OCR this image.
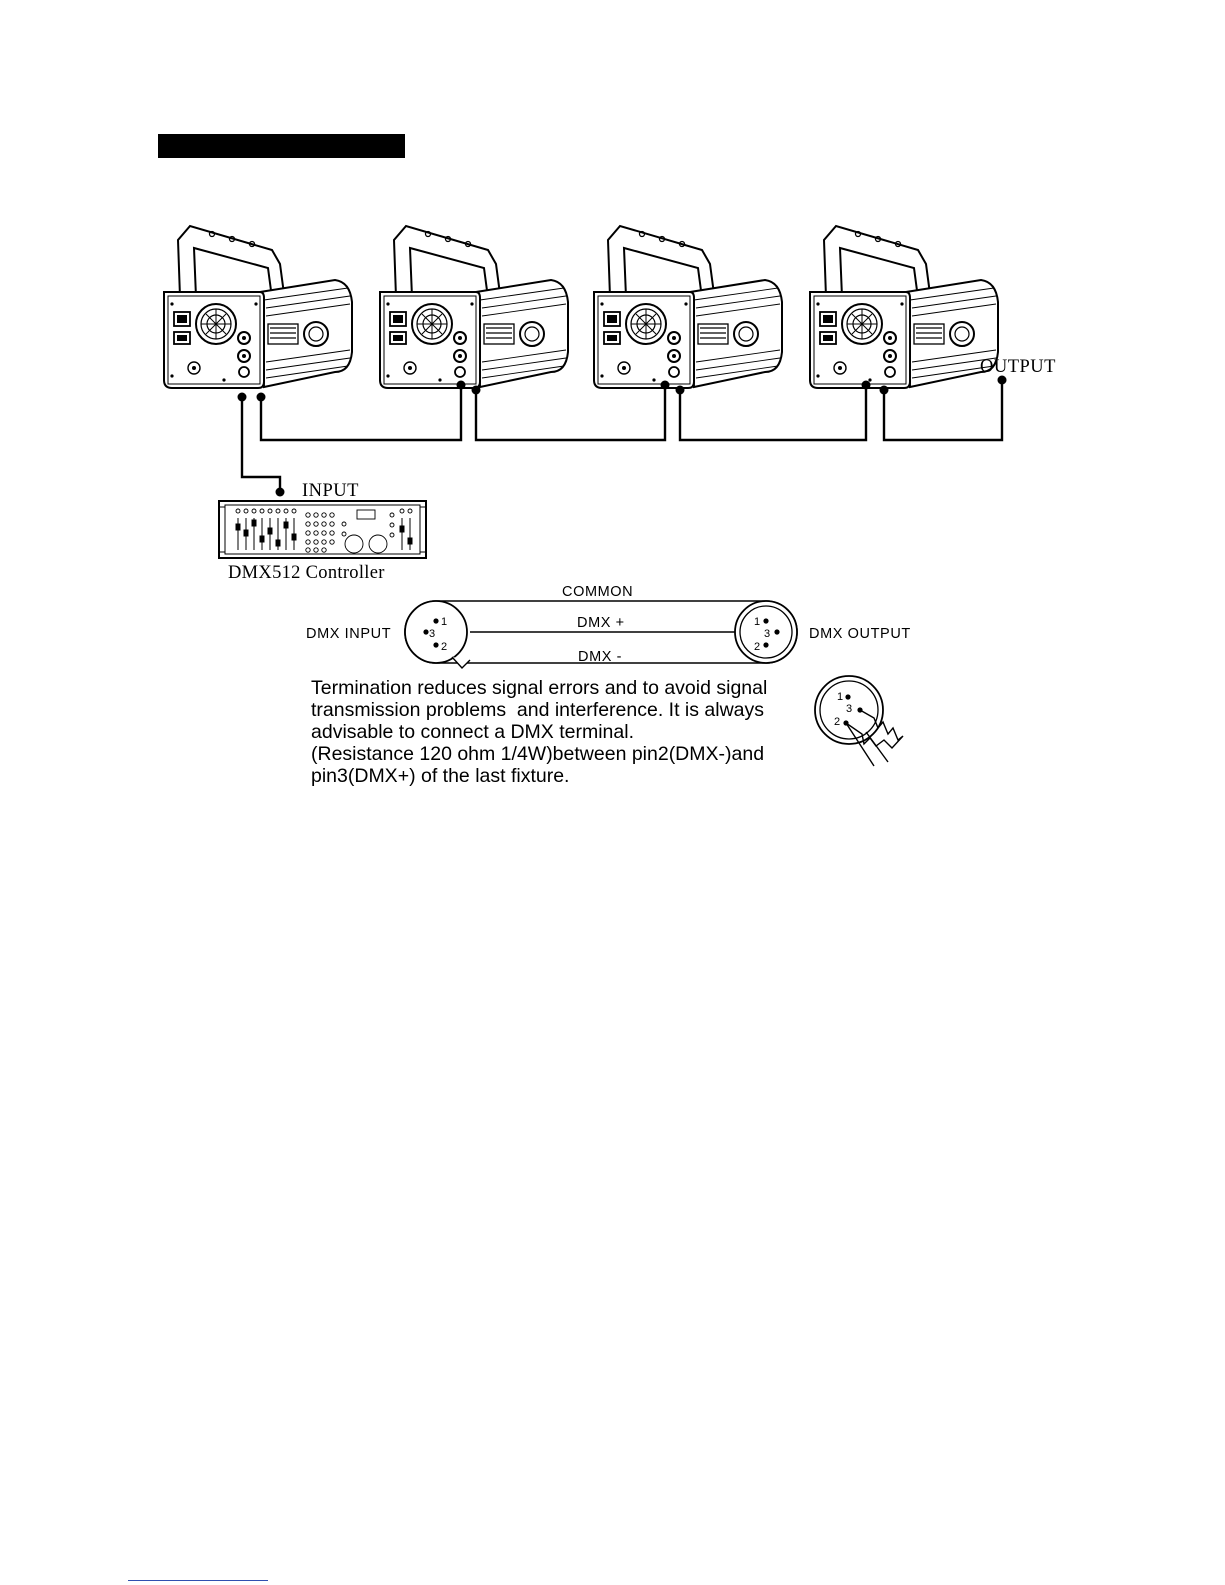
OUTPUT
INPUT
DMX512 Controller
1
3
2
1
3
2
COMMON
DMX +
DMX -
DMX INPUT	DMX OUTPUT
1
3
2

Termination reduces signal errors and to avoid signal
transmission problems  and interference. It is always
advisable to connect a DMX terminal.
(Resistance 120 ohm 1/4W)between pin2(DMX-)and
pin3(DMX+) of the last fixture.
